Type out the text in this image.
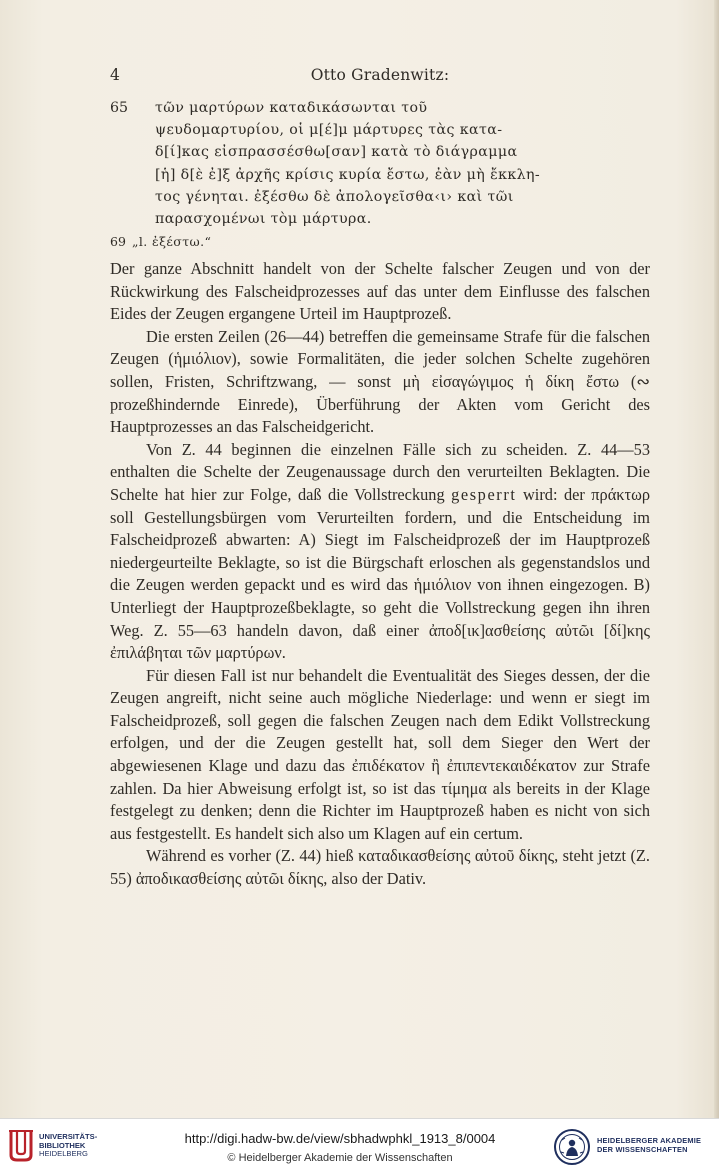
4	Otto Gradenwitz:
65	τῶν μαρτύρων καταδικάσωνται τοῦ
ψευδομαρτυρίου, οἱ μ[έ]μ μάρτυρες τὰς κατα-
δ[ί]κας εἰσπρασσέσθω[σαν] κατὰ τὸ διάγραμμα
[ἡ] δ[ὲ ἐ]ξ ἀρχῆς κρίσις κυρία ἔστω, ἐὰν μὴ ἔκκλη-
τος γένηται. ἐξέσθω δὲ ἀπολογεῖσθα‹ι› καὶ τῶι
παρασχομένωι τὸμ μάρτυρα.
69 „l. ἐξέστω.“

Der ganze Abschnitt handelt von der Schelte falscher Zeugen und von der Rückwirkung des Falscheidprozesses auf das unter dem Einflusse des falschen Eides der Zeugen ergangene Urteil im Hauptprozeß.

Die ersten Zeilen (26—44) betreffen die gemeinsame Strafe für die falschen Zeugen (ἡμιόλιον), sowie Formalitäten, die jeder solchen Schelte zugehören sollen, Fristen, Schriftzwang, — sonst μὴ εἰσαγώγιμος ἡ δίκη ἔστω (∾ prozeßhindernde Einrede), Überführung der Akten vom Gericht des Hauptprozesses an das Falscheidgericht.

Von Z. 44 beginnen die einzelnen Fälle sich zu scheiden. Z. 44—53 enthalten die Schelte der Zeugenaussage durch den verurteilten Beklagten. Die Schelte hat hier zur Folge, daß die Vollstreckung gesperrt wird: der πράκτωρ soll Gestellungsbürgen vom Verurteilten fordern, und die Entscheidung im Falscheidprozeß abwarten: A) Siegt im Falscheidprozeß der im Hauptprozeß niedergeurteilte Beklagte, so ist die Bürgschaft erloschen als gegenstandslos und die Zeugen werden gepackt und es wird das ἡμιόλιον von ihnen eingezogen. B) Unterliegt der Hauptprozeßbeklagte, so geht die Vollstreckung gegen ihn ihren Weg. Z. 55—63 handeln davon, daß einer ἀποδ[ικ]ασθείσης αὐτῶι [δί]κης ἐπιλάβηται τῶν μαρτύρων.

Für diesen Fall ist nur behandelt die Eventualität des Sieges dessen, der die Zeugen angreift, nicht seine auch mögliche Niederlage: und wenn er siegt im Falscheidprozeß, soll gegen die falschen Zeugen nach dem Edikt Vollstreckung erfolgen, und der die Zeugen gestellt hat, soll dem Sieger den Wert der abgewiesenen Klage und dazu das ἐπιδέκατον ἢ ἐπιπεντεκαιδέκατον zur Strafe zahlen. Da hier Abweisung erfolgt ist, so ist das τίμημα als bereits in der Klage festgelegt zu denken; denn die Richter im Hauptprozeß haben es nicht von sich aus festgestellt. Es handelt sich also um Klagen auf ein certum.

Während es vorher (Z. 44) hieß καταδικασθείσης αὐτοῦ δίκης, steht jetzt (Z. 55) ἀποδικασθείσης αὐτῶι δίκης, also der Dativ.

UNIVERSITÄTS-
BIBLIOTHEK
HEIDELBERG
http://digi.hadw-bw.de/view/sbhadwphkl_1913_8/0004
© Heidelberger Akademie der Wissenschaften
HEIDELBERGER AKADEMIE
DER WISSENSCHAFTEN
